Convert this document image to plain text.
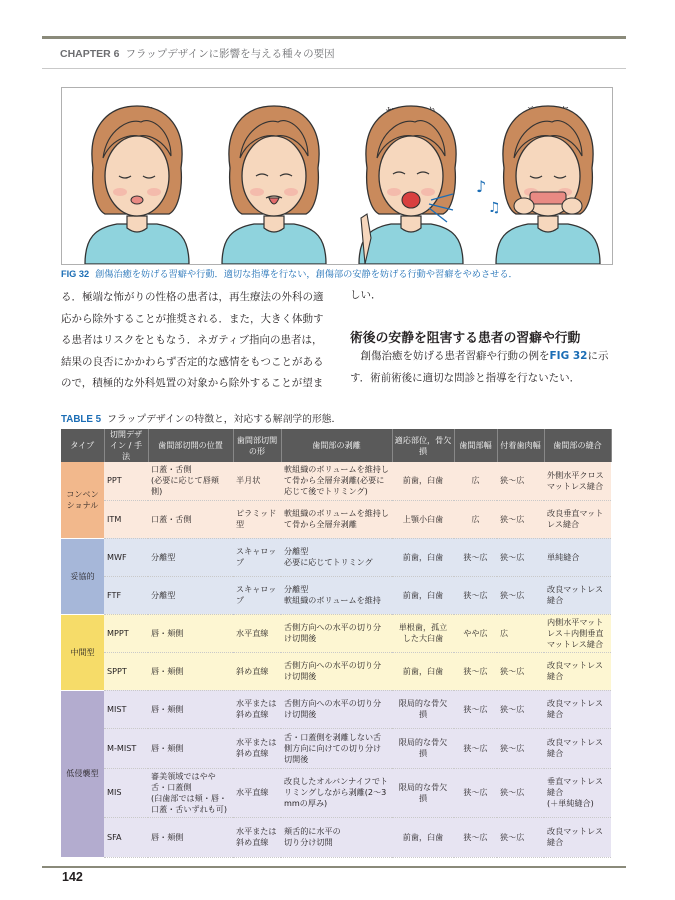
CHAPTER 6 フラップデザインに影響を与える種々の要因
♪
♫
FIG 32 創傷治癒を妨げる習癖や行動．適切な指導を行ない，創傷部の安静を妨げる行動や習癖をやめさせる．
る．極端な怖がりの性格の患者は，再生療法の外科の適
応から除外することが推奨される．また，大きく体動す
る患者はリスクをともなう．ネガティブ指向の患者は，
結果の良否にかかわらず否定的な感情をもつことがある
ので，積極的な外科処置の対象から除外することが望ま
しい．
術後の安静を阻害する患者の習癖や行動
　創傷治癒を妨げる患者習癖や行動の例をFIG 32に示
す．術前術後に適切な問診と指導を行ないたい．
TABLE 5 フラップデザインの特徴と，対応する解剖学的形態．
タイプ	切開デザイン / 手法	歯間部切開の位置	歯間部切開の形	歯間部の剥離	適応部位，骨欠損	歯間部幅	付着歯肉幅	歯間部の縫合
コンベンショナル	PPT	口蓋・舌側
(必要に応じて唇頬側)	半月状	軟組織のボリュームを維持して骨から全層弁剥離(必要に応じて後でトリミング)	前歯，臼歯	広	狭～広	外側水平クロスマットレス縫合
	ITM	口蓋・舌側	ピラミッド型	軟組織のボリュームを維持して骨から全層弁剥離	上顎小臼歯	広	狭～広	改良垂直マットレス縫合
妥協的	MWF	分離型	スキャロップ	分離型
必要に応じてトリミング	前歯，臼歯	狭～広	狭～広	単純縫合
	FTF	分離型	スキャロップ	分離型
軟組織のボリュームを維持	前歯，臼歯	狭～広	狭～広	改良マットレス縫合
中間型	MPPT	唇・頬側	水平直線	舌側方向への水平の切り分け切開後	単根歯，孤立した大臼歯	やや広	広	内側水平マットレス＋内側垂直マットレス縫合
	SPPT	唇・頬側	斜め直線	舌側方向への水平の切り分け切開後	前歯，臼歯	狭～広	狭～広	改良マットレス縫合
低侵襲型	MIST	唇・頬側	水平または斜め直線	舌側方向への水平の切り分け切開後	限局的な骨欠損	狭～広	狭～広	改良マットレス縫合
	M-MIST	唇・頬側	水平または斜め直線	舌・口蓋側を剥離しない舌側方向に向けての切り分け切開後	限局的な骨欠損	狭～広	狭～広	改良マットレス縫合
	MIS	審美領域ではやや舌・口蓋側
(臼歯部では頬・唇・口蓋・舌いずれも可)	水平直線	改良したオルバンナイフでトリミングしながら剥離(2～3 mmの厚み)	限局的な骨欠損	狭～広	狭～広	垂直マットレス縫合
(＋単純縫合)
	SFA	唇・頬側	水平または斜め直線	頬舌的に水平の
切り分け切開	前歯，臼歯	狭～広	狭～広	改良マットレス縫合
142
